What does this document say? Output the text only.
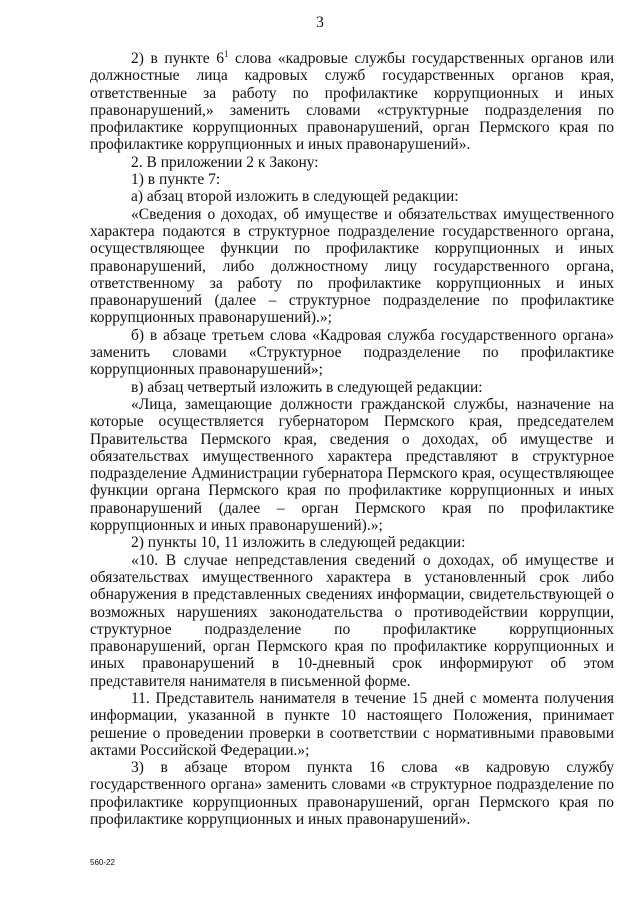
3

2) в пункте $6^1$ слова «кадровые службы государственных органов или должностные лица кадровых служб государственных органов края, ответственные за работу по профилактике коррупционных и иных правонарушений,» заменить словами «структурные подразделения по профилактике коррупционных правонарушений, орган Пермского края по профилактике коррупционных и иных правонарушений».

2. В приложении 2 к Закону:

1) в пункте 7:

а) абзац второй изложить в следующей редакции:

«Сведения о доходах, об имуществе и обязательствах имущественного характера подаются в структурное подразделение государственного органа, осуществляющее функции по профилактике коррупционных и иных правонарушений, либо должностному лицу государственного органа, ответственному за работу по профилактике коррупционных и иных правонарушений (далее – структурное подразделение по профилактике коррупционных правонарушений).»;

б) в абзаце третьем слова «Кадровая служба государственного органа» заменить словами «Структурное подразделение по профилактике коррупционных правонарушений»;

в) абзац четвертый изложить в следующей редакции:

«Лица, замещающие должности гражданской службы, назначение на которые осуществляется губернатором Пермского края, председателем Правительства Пермского края, сведения о доходах, об имуществе и обязательствах имущественного характера представляют в структурное подразделение Администрации губернатора Пермского края, осуществляющее функции органа Пермского края по профилактике коррупционных и иных правонарушений (далее – орган Пермского края по профилактике коррупционных и иных правонарушений).»;

2) пункты 10, 11 изложить в следующей редакции:

«10. В случае непредставления сведений о доходах, об имуществе и обязательствах имущественного характера в установленный срок либо обнаружения в представленных сведениях информации, свидетельствующей о возможных нарушениях законодательства о противодействии коррупции, структурное подразделение по профилактике коррупционных правонарушений, орган Пермского края по профилактике коррупционных и иных правонарушений в 10-дневный срок информируют об этом представителя нанимателя в письменной форме.

11. Представитель нанимателя в течение 15 дней с момента получения информации, указанной в пункте 10 настоящего Положения, принимает решение о проведении проверки в соответствии с нормативными правовыми актами Российской Федерации.»;

3) в абзаце втором пункта 16 слова «в кадровую службу государственного органа» заменить словами «в структурное подразделение по профилактике коррупционных правонарушений, орган Пермского края по профилактике коррупционных и иных правонарушений».

560-22
